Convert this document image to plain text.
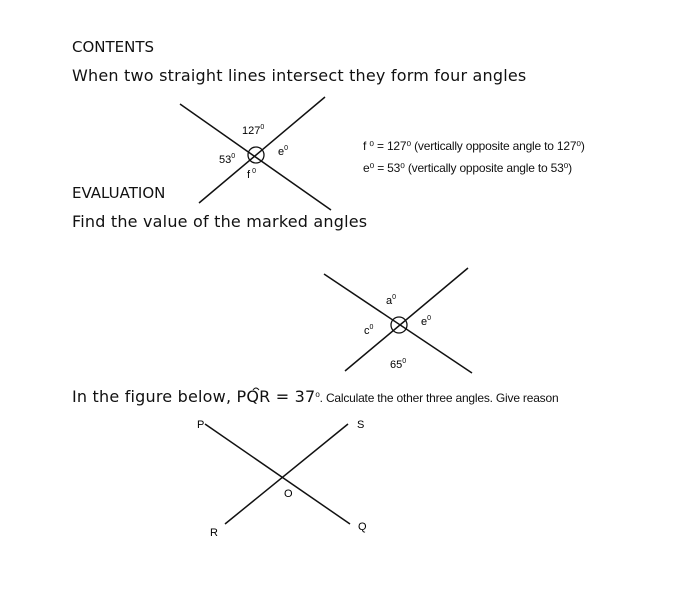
CONTENTS
When two straight lines intersect they form four angles
$127^0$
$53^0$	$e^0$
f $^0$
f ⁰ = 127⁰ (vertically opposite angle to 127⁰)
e⁰ = 53⁰ (vertically opposite angle to 53⁰)
EVALUATION
Find the value of the marked angles
$a^0$
$c^0$	$e^0$
$65^0$
In the figure below, PQR = $37^o$. Calculate the other three angles. Give reason
P	S
O
R	Q
